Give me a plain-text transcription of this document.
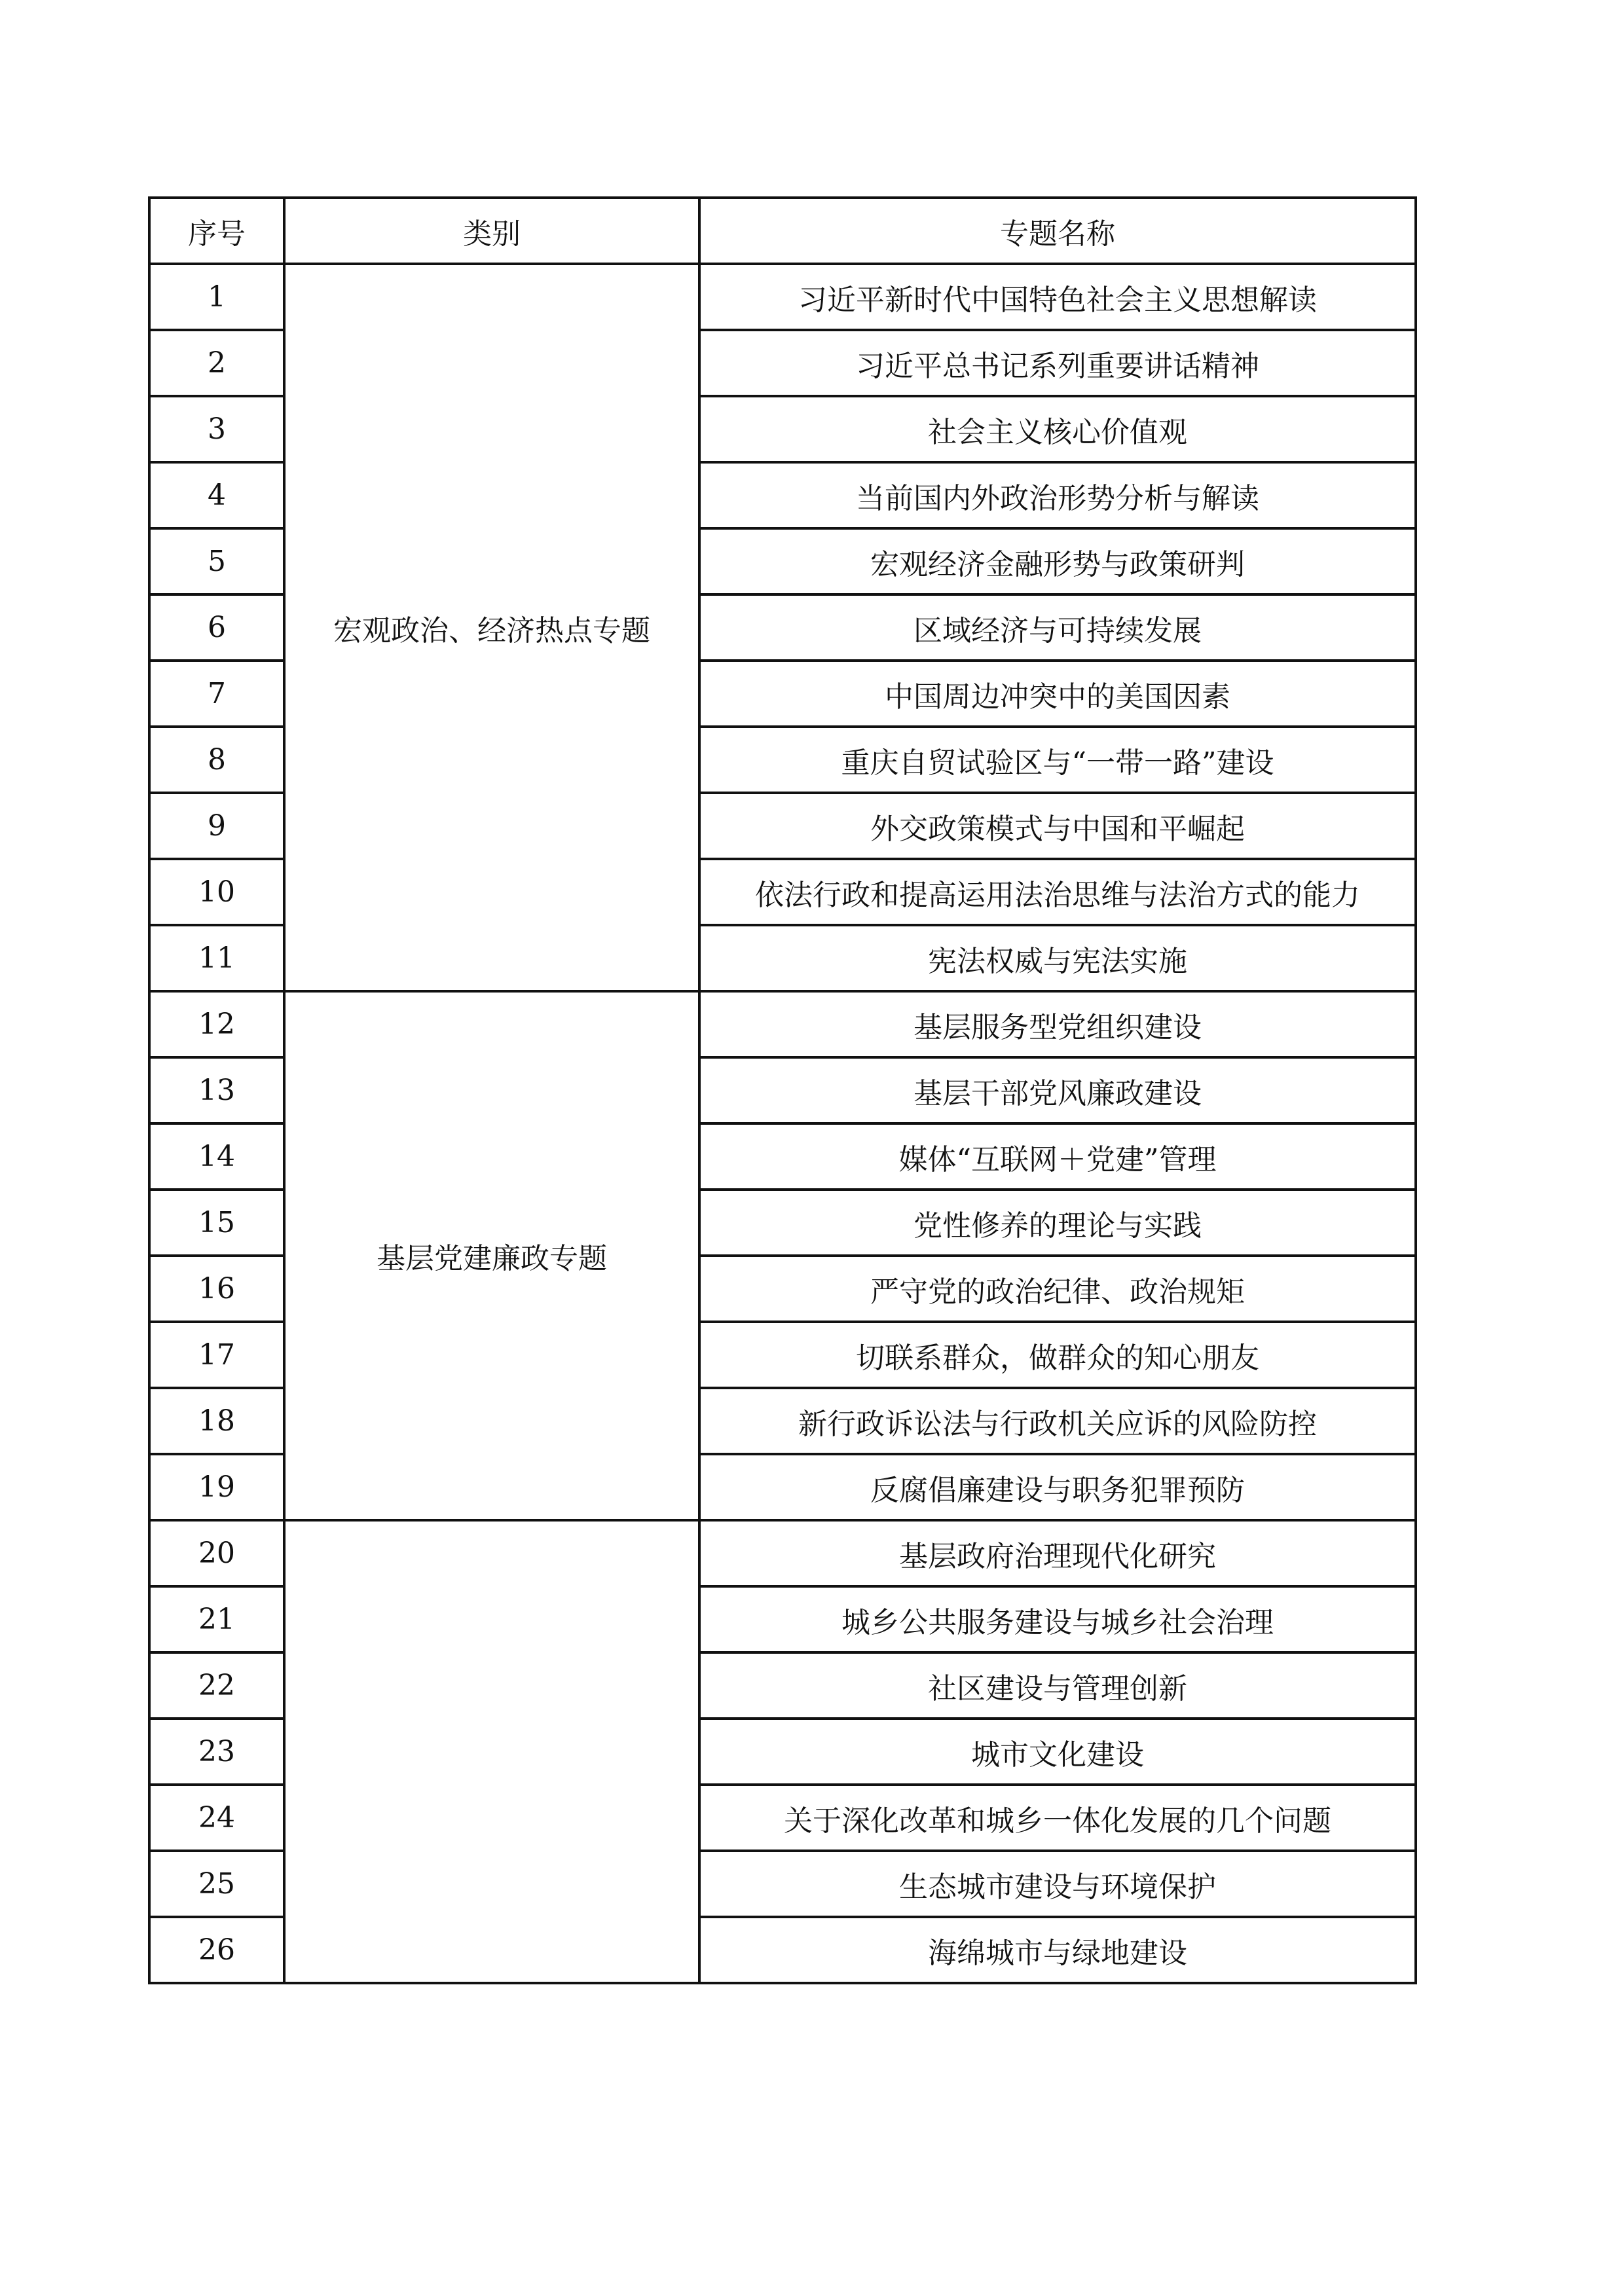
序号	类别	专题名称
1	宏观政治、经济热点专题	习近平新时代中国特色社会主义思想解读
2		习近平总书记系列重要讲话精神
3		社会主义核心价值观
4		当前国内外政治形势分析与解读
5		宏观经济金融形势与政策研判
6		区域经济与可持续发展
7		中国周边冲突中的美国因素
8		重庆自贸试验区与“一带一路”建设
9		外交政策模式与中国和平崛起
10		依法行政和提高运用法治思维与法治方式的能力
11		宪法权威与宪法实施
12	基层党建廉政专题	基层服务型党组织建设
13		基层干部党风廉政建设
14		媒体“互联网＋党建”管理
15		党性修养的理论与实践
16		严守党的政治纪律、政治规矩
17		切联系群众，做群众的知心朋友
18		新行政诉讼法与行政机关应诉的风险防控
19		反腐倡廉建设与职务犯罪预防
20		基层政府治理现代化研究
21		城乡公共服务建设与城乡社会治理
22		社区建设与管理创新
23		城市文化建设
24		关于深化改革和城乡一体化发展的几个问题
25		生态城市建设与环境保护
26		海绵城市与绿地建设
